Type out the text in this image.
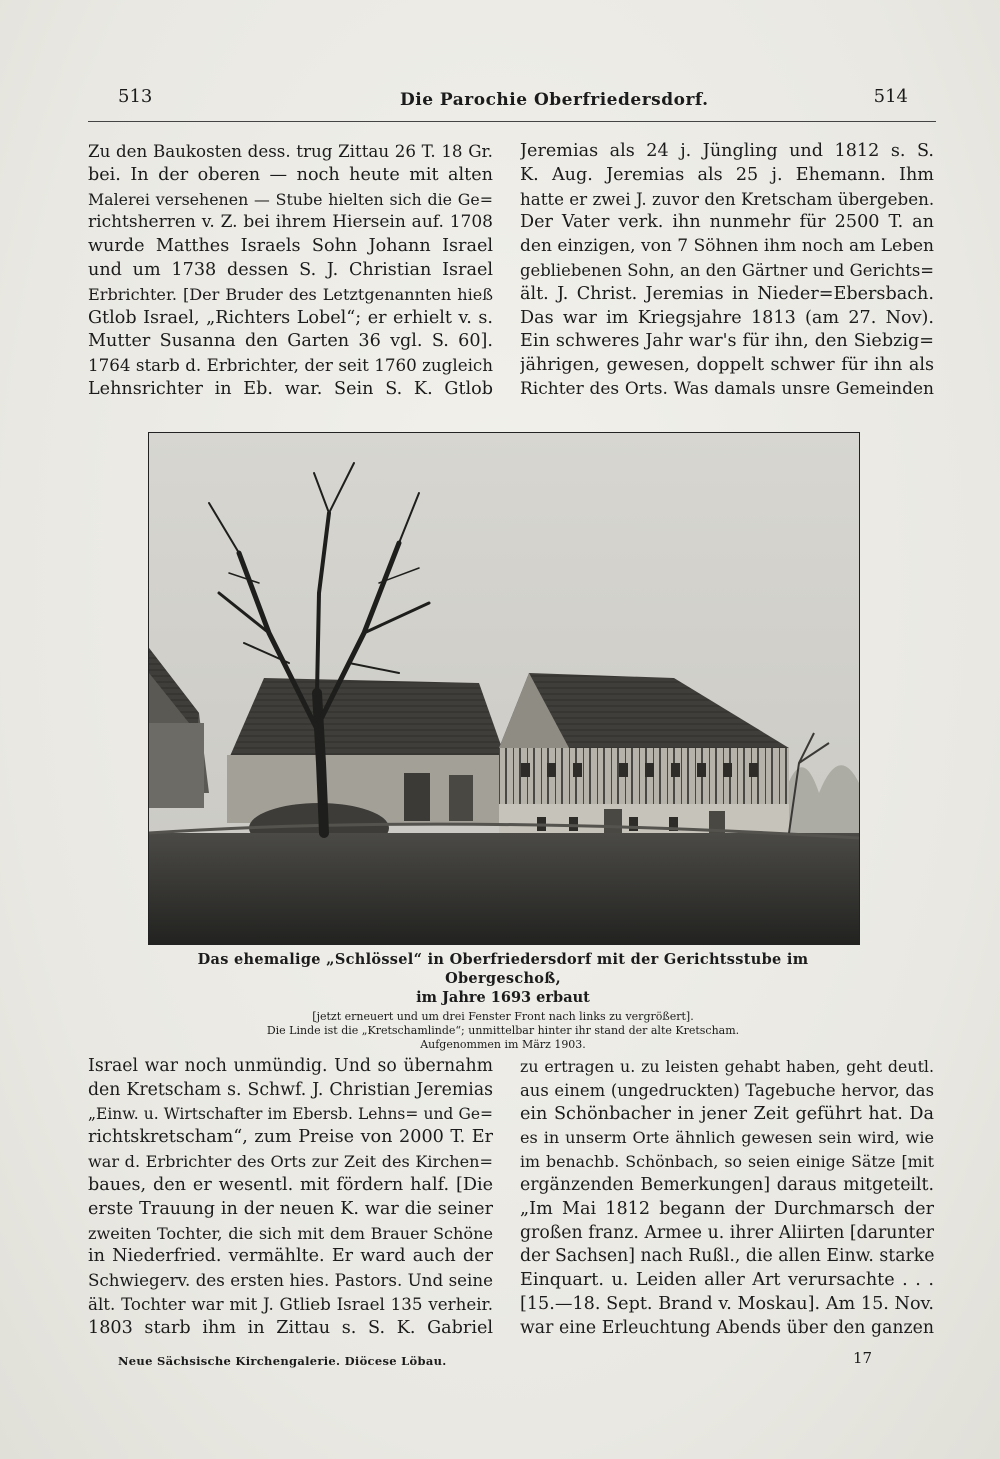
513	Die Parochie Oberfriedersdorf.	514
Zu den Baukosten dess. trug Zittau 26 T. 18 Gr.
bei. In der oberen — noch heute mit alten
Malerei versehenen — Stube hielten sich die Ge=
richtsherren v. Z. bei ihrem Hiersein auf. 1708
wurde Matthes Israels Sohn Johann Israel
und um 1738 dessen S. J. Christian Israel
Erbrichter. [Der Bruder des Letztgenannten hieß
Gtlob Israel, „Richters Lobel“; er erhielt v. s.
Mutter Susanna den Garten 36 vgl. S. 60].
1764 starb d. Erbrichter, der seit 1760 zugleich
Lehnsrichter in Eb. war. Sein S. K. Gtlob
Jeremias als 24 j. Jüngling und 1812 s. S.
K. Aug. Jeremias als 25 j. Ehemann. Ihm
hatte er zwei J. zuvor den Kretscham übergeben.
Der Vater verk. ihn nunmehr für 2500 T. an
den einzigen, von 7 Söhnen ihm noch am Leben
gebliebenen Sohn, an den Gärtner und Gerichts=
ält. J. Christ. Jeremias in Nieder=Ebersbach.
Das war im Kriegsjahre 1813 (am 27. Nov).
Ein schweres Jahr war's für ihn, den Siebzig=
jährigen, gewesen, doppelt schwer für ihn als
Richter des Orts. Was damals unsre Gemeinden
Das ehemalige „Schlössel“ in Oberfriedersdorf mit der Gerichtsstube im Obergeschoß,
im Jahre 1693 erbaut
[jetzt erneuert und um drei Fenster Front nach links zu vergrößert].
Die Linde ist die „Kretschamlinde“; unmittelbar hinter ihr stand der alte Kretscham.
Aufgenommen im März 1903.
Israel war noch unmündig. Und so übernahm
den Kretscham s. Schwf. J. Christian Jeremias
„Einw. u. Wirtschafter im Ebersb. Lehns= und Ge=
richtskretscham“, zum Preise von 2000 T. Er
war d. Erbrichter des Orts zur Zeit des Kirchen=
baues, den er wesentl. mit fördern half. [Die
erste Trauung in der neuen K. war die seiner
zweiten Tochter, die sich mit dem Brauer Schöne
in Niederfried. vermählte. Er ward auch der
Schwiegerv. des ersten hies. Pastors. Und seine
ält. Tochter war mit J. Gtlieb Israel 135 verheir.
1803 starb ihm in Zittau s. S. K. Gabriel
zu ertragen u. zu leisten gehabt haben, geht deutl.
aus einem (ungedruckten) Tagebuche hervor, das
ein Schönbacher in jener Zeit geführt hat. Da
es in unserm Orte ähnlich gewesen sein wird, wie
im benachb. Schönbach, so seien einige Sätze [mit
ergänzenden Bemerkungen] daraus mitgeteilt.
„Im Mai 1812 begann der Durchmarsch der
großen franz. Armee u. ihrer Aliirten [darunter
der Sachsen] nach Rußl., die allen Einw. starke
Einquart. u. Leiden aller Art verursachte . . .
[15.—18. Sept. Brand v. Moskau]. Am 15. Nov.
war eine Erleuchtung Abends über den ganzen
Neue Sächsische Kirchengalerie. Diöcese Löbau.	17
